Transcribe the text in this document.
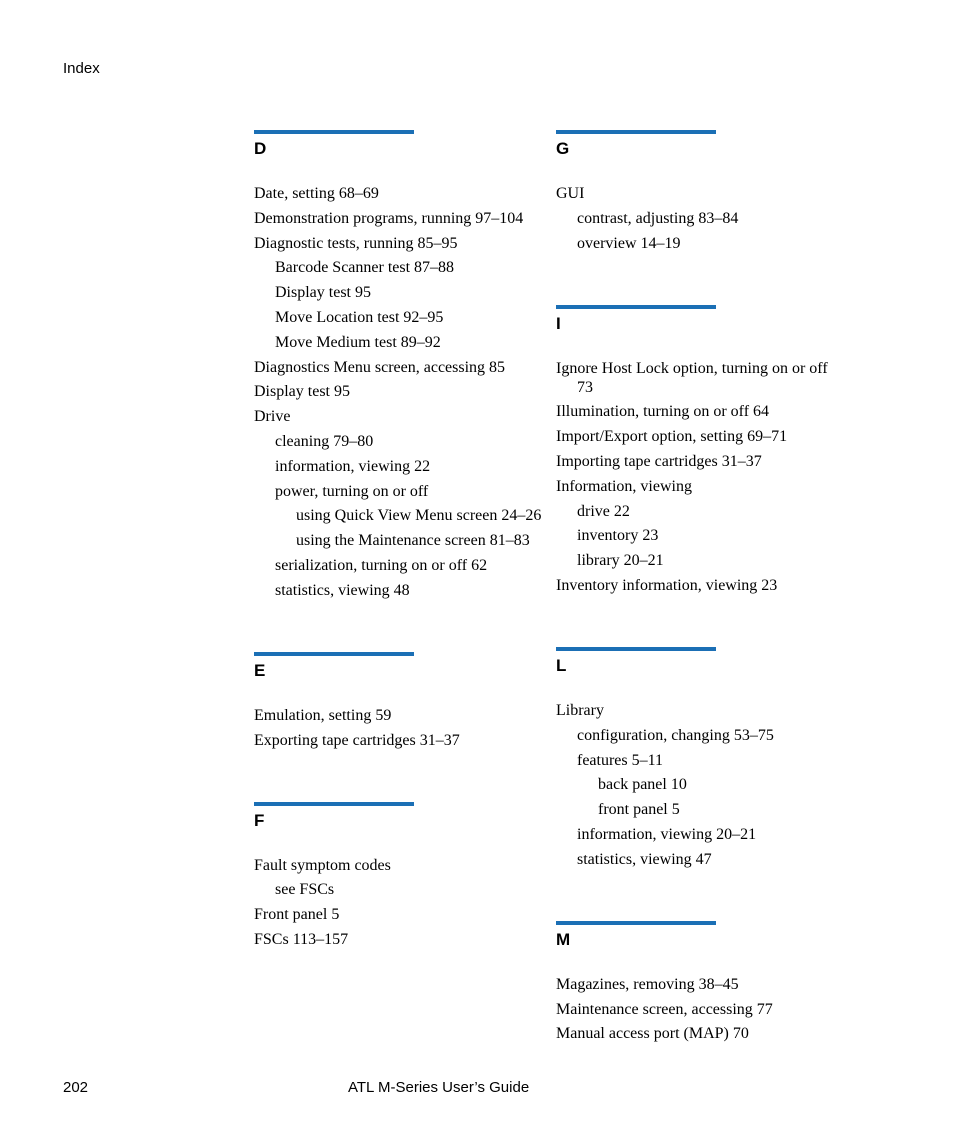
Index
D
Date, setting 68–69
Demonstration programs, running 97–104
Diagnostic tests, running 85–95
Barcode Scanner test 87–88
Display test 95
Move Location test 92–95
Move Medium test 89–92
Diagnostics Menu screen, accessing 85
Display test 95
Drive
cleaning 79–80
information, viewing 22
power, turning on or off
using Quick View Menu screen 24–26
using the Maintenance screen 81–83
serialization, turning on or off 62
statistics, viewing 48
E
Emulation, setting 59
Exporting tape cartridges 31–37
F
Fault symptom codes
see FSCs
Front panel 5
FSCs 113–157
G
GUI
contrast, adjusting 83–84
overview 14–19
I
Ignore Host Lock option, turning on or off 73
Illumination, turning on or off 64
Import/Export option, setting 69–71
Importing tape cartridges 31–37
Information, viewing
drive 22
inventory 23
library 20–21
Inventory information, viewing 23
L
Library
configuration, changing 53–75
features 5–11
back panel 10
front panel 5
information, viewing 20–21
statistics, viewing 47
M
Magazines, removing 38–45
Maintenance screen, accessing 77
Manual access port (MAP) 70
202	ATL M-Series User’s Guide
